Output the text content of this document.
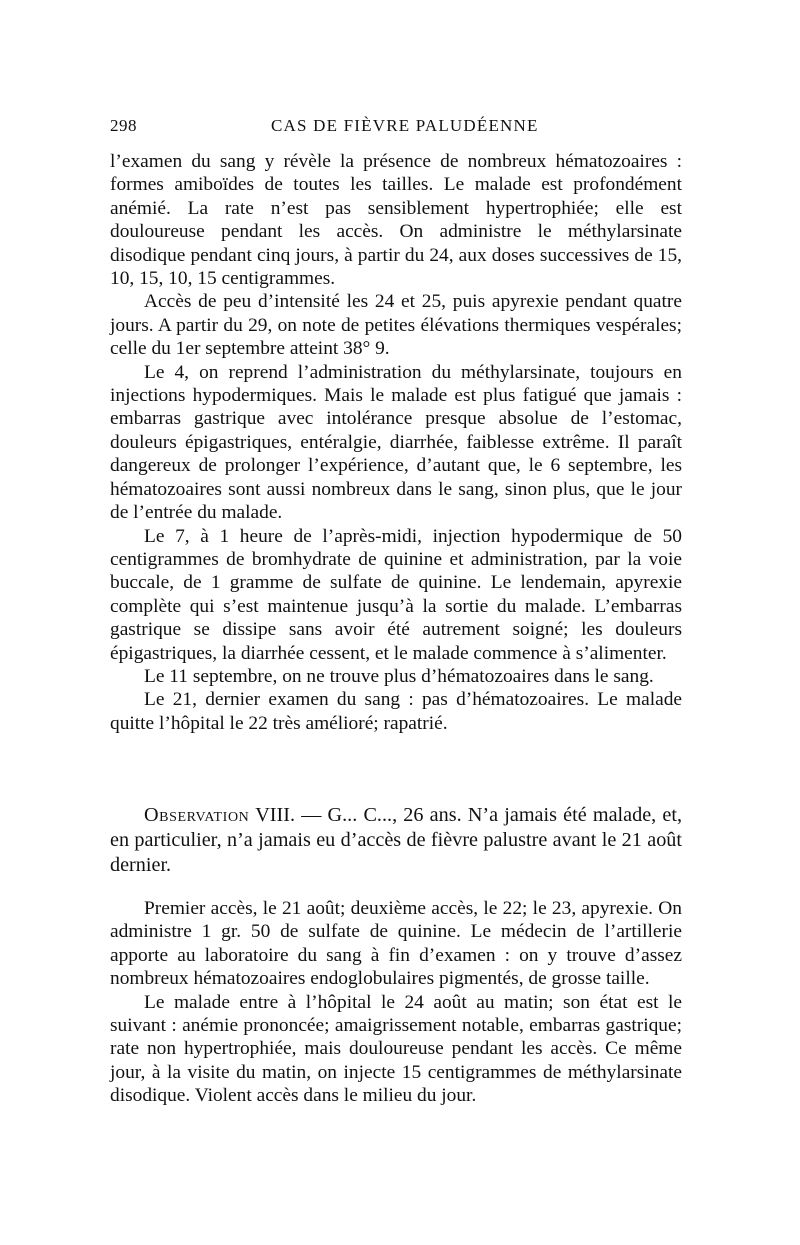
298	CAS DE FIÈVRE PALUDÉENNE

l’examen du sang y révèle la présence de nombreux hématozoaires : formes amiboïdes de toutes les tailles. Le malade est profondément anémié. La rate n’est pas sensiblement hypertrophiée; elle est douloureuse pendant les accès. On administre le méthylarsinate disodique pendant cinq jours, à partir du 24, aux doses successives de 15, 10, 15, 10, 15 centigrammes.

Accès de peu d’intensité les 24 et 25, puis apyrexie pendant quatre jours. A partir du 29, on note de petites élévations thermiques vespérales; celle du 1er septembre atteint 38° 9.

Le 4, on reprend l’administration du méthylarsinate, toujours en injections hypodermiques. Mais le malade est plus fatigué que jamais : embarras gastrique avec intolérance presque absolue de l’estomac, douleurs épigastriques, entéralgie, diarrhée, faiblesse extrême. Il paraît dangereux de prolonger l’expérience, d’autant que, le 6 septembre, les hématozoaires sont aussi nombreux dans le sang, sinon plus, que le jour de l’entrée du malade.

Le 7, à 1 heure de l’après-midi, injection hypodermique de 50 centigrammes de bromhydrate de quinine et administration, par la voie buccale, de 1 gramme de sulfate de quinine. Le lendemain, apyrexie complète qui s’est maintenue jusqu’à la sortie du malade. L’embarras gastrique se dissipe sans avoir été autrement soigné; les douleurs épigastriques, la diarrhée cessent, et le malade commence à s’alimenter.

Le 11 septembre, on ne trouve plus d’hématozoaires dans le sang.

Le 21, dernier examen du sang : pas d’hématozoaires. Le malade quitte l’hôpital le 22 très amélioré; rapatrié.

Observation VIII. — G... C..., 26 ans. N’a jamais été malade, et, en particulier, n’a jamais eu d’accès de fièvre palustre avant le 21 août dernier.

Premier accès, le 21 août; deuxième accès, le 22; le 23, apyrexie. On administre 1 gr. 50 de sulfate de quinine. Le médecin de l’artillerie apporte au laboratoire du sang à fin d’examen : on y trouve d’assez nombreux hématozoaires endoglobulaires pigmentés, de grosse taille.

Le malade entre à l’hôpital le 24 août au matin; son état est le suivant : anémie prononcée; amaigrissement notable, embarras gastrique; rate non hypertrophiée, mais douloureuse pendant les accès. Ce même jour, à la visite du matin, on injecte 15 centigrammes de méthylarsinate disodique. Violent accès dans le milieu du jour.
